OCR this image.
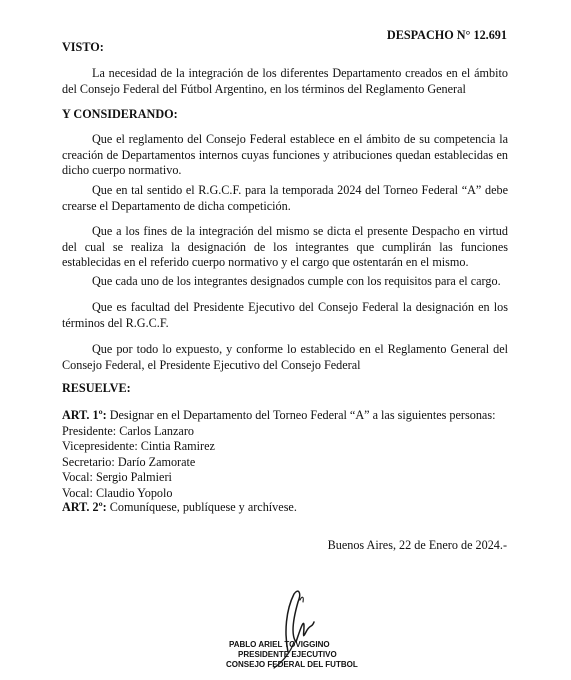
DESPACHO N° 12.691
VISTO:
La necesidad de la integración de los diferentes Departamento creados en el ámbito del Consejo Federal del Fútbol Argentino, en los términos del Reglamento General
Y CONSIDERANDO:
Que el reglamento del Consejo Federal establece en el ámbito de su competencia la creación de Departamentos internos cuyas funciones y atribuciones quedan establecidas en dicho cuerpo normativo.
Que en tal sentido el R.G.C.F. para la temporada 2024 del Torneo Federal “A” debe crearse el Departamento de dicha competición.
Que a los fines de la integración del mismo se dicta el presente Despacho en virtud del cual se realiza la designación de los integrantes que cumplirán las funciones establecidas en el referido cuerpo normativo y el cargo que ostentarán en el mismo.
Que cada uno de los integrantes designados cumple con los requisitos para el cargo.
Que es facultad del Presidente Ejecutivo del Consejo Federal la designación en los términos del R.G.C.F.
Que por todo lo expuesto, y conforme lo establecido en el Reglamento General del Consejo Federal, el Presidente Ejecutivo del Consejo Federal
RESUELVE:
ART. 1º: Designar en el Departamento del Torneo Federal “A” a las siguientes personas:
Presidente: Carlos Lanzaro
Vicepresidente: Cintia Ramirez
Secretario: Darío Zamorate
Vocal: Sergio Palmieri
Vocal: Claudio Yopolo
ART. 2º: Comuníquese, publíquese y archívese.
Buenos Aires, 22 de Enero de 2024.-
PABLO ARIEL TOVIGGINO
PRESIDENTE EJECUTIVO
CONSEJO FEDERAL DEL FUTBOL
